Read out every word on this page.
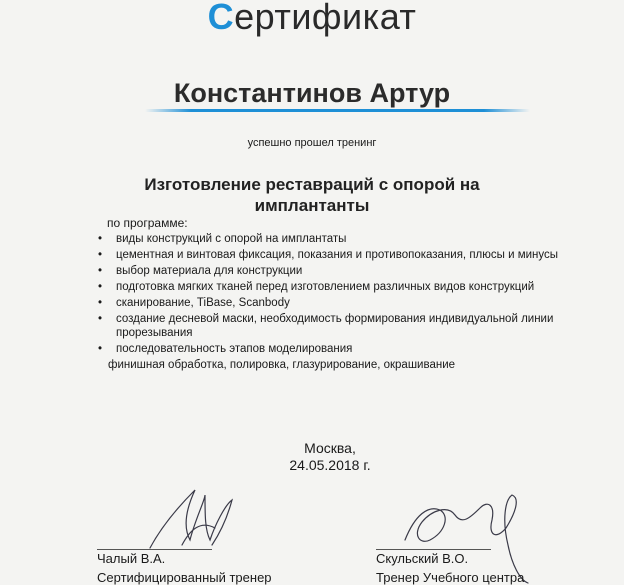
Сертификат
Константинов Артур
успешно прошел тренинг
Изготовление реставраций с опорой на имплантанты
по программе:
• виды конструкций с опорой на имплантаты
• цементная и винтовая фиксация, показания и противопоказания, плюсы и минусы
• выбор материала для конструкции
• подготовка мягких тканей перед изготовлением различных видов конструкций
• сканирование, TiBase, Scanbody
• создание десневой маски, необходимость формирования индивидуальной линии прорезывания
• последовательность этапов моделирования
финишная обработка, полировка, глазурирование, окрашивание
Москва,
24.05.2018 г.
Чалый В.А.
Сертифицированный тренер
Скульский В.О.
Тренер Учебного центра
